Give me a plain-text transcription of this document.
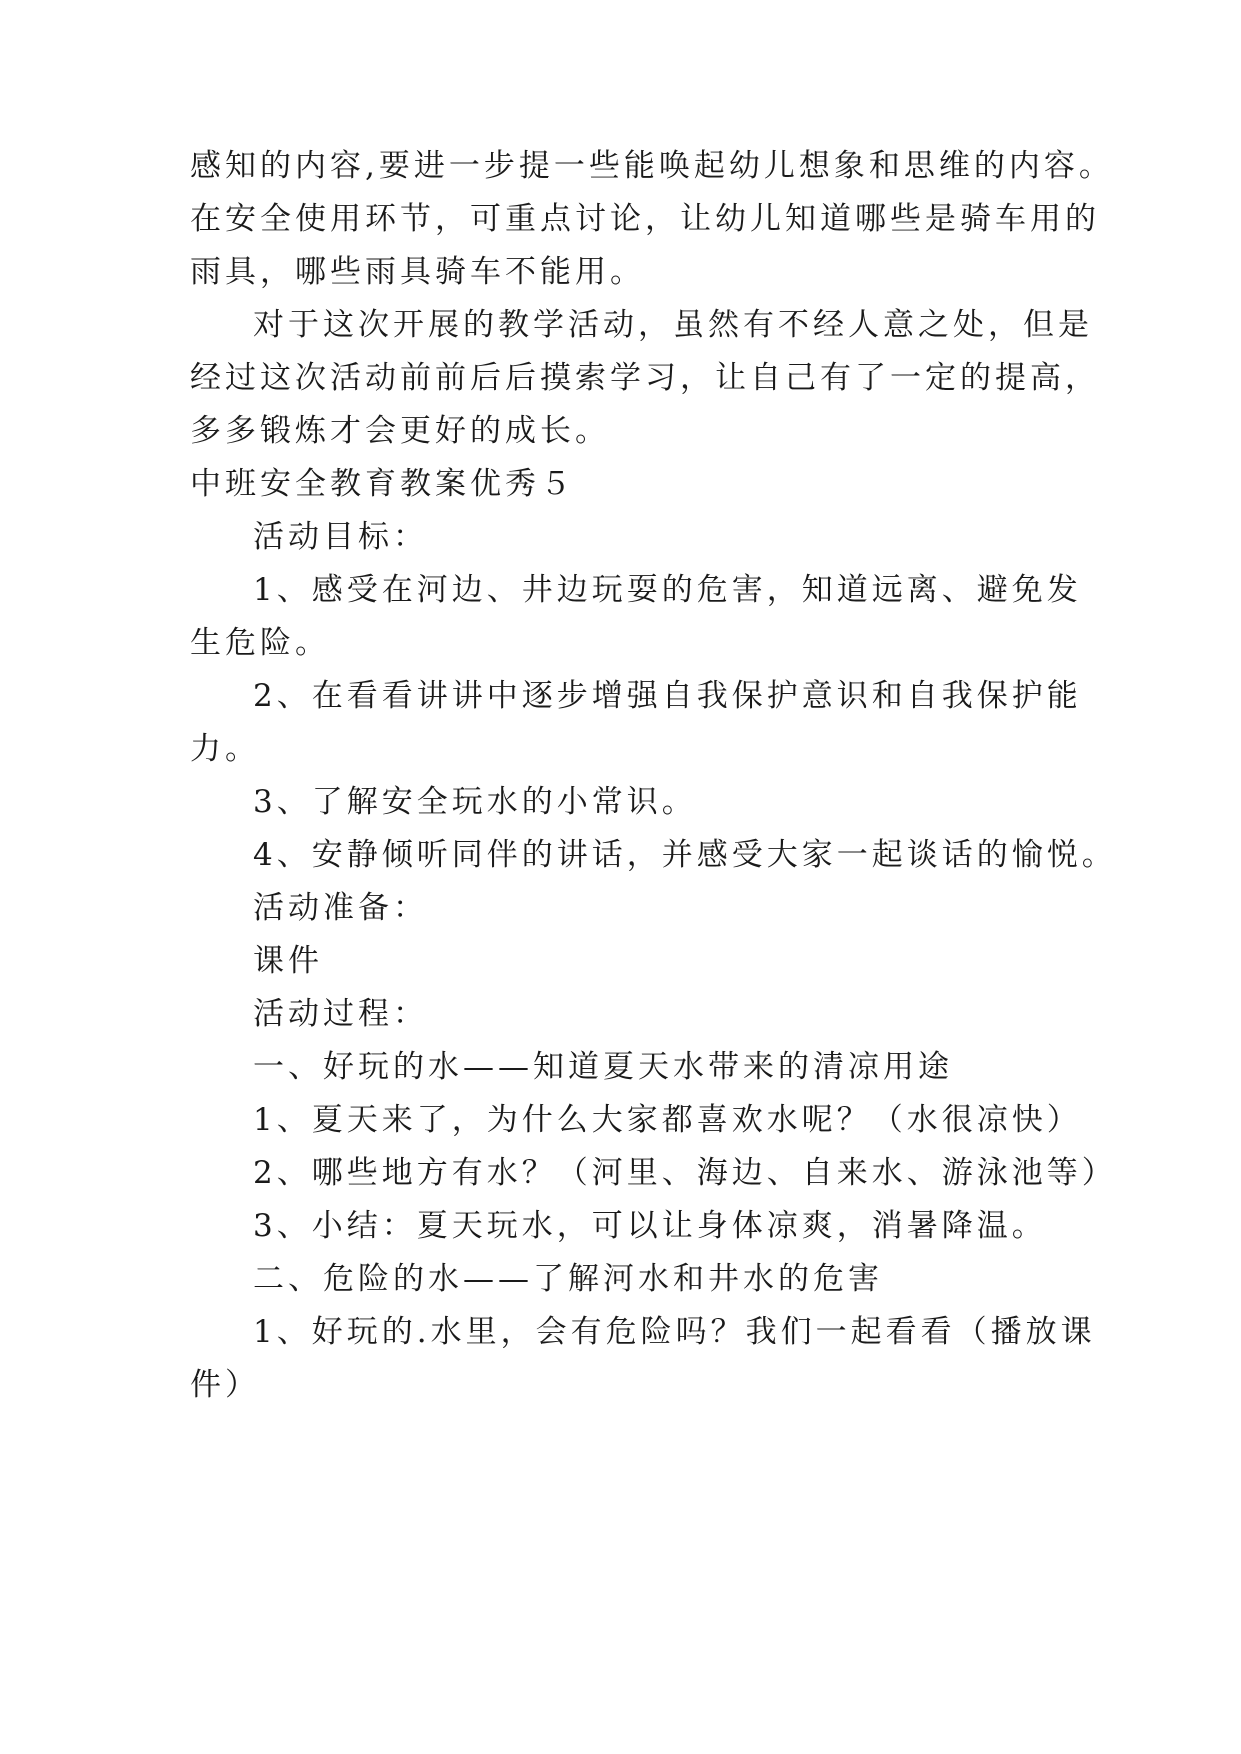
感知的内容,要进一步提一些能唤起幼儿想象和思维的内容。
在安全使用环节，可重点讨论，让幼儿知道哪些是骑车用的
雨具，哪些雨具骑车不能用。
对于这次开展的教学活动，虽然有不经人意之处，但是
经过这次活动前前后后摸索学习，让自己有了一定的提高，
多多锻炼才会更好的成长。
中班安全教育教案优秀５
活动目标：
1、感受在河边、井边玩耍的危害，知道远离、避免发
生危险。
2、在看看讲讲中逐步增强自我保护意识和自我保护能
力。
3、了解安全玩水的小常识。
4、安静倾听同伴的讲话，并感受大家一起谈话的愉悦。
活动准备：
课件
活动过程：
一、好玩的水——知道夏天水带来的清凉用途
1、夏天来了，为什么大家都喜欢水呢？（水很凉快）
2、哪些地方有水？（河里、海边、自来水、游泳池等）
3、小结：夏天玩水，可以让身体凉爽，消暑降温。
二、危险的水——了解河水和井水的危害
1、好玩的.水里，会有危险吗？我们一起看看（播放课
件）
